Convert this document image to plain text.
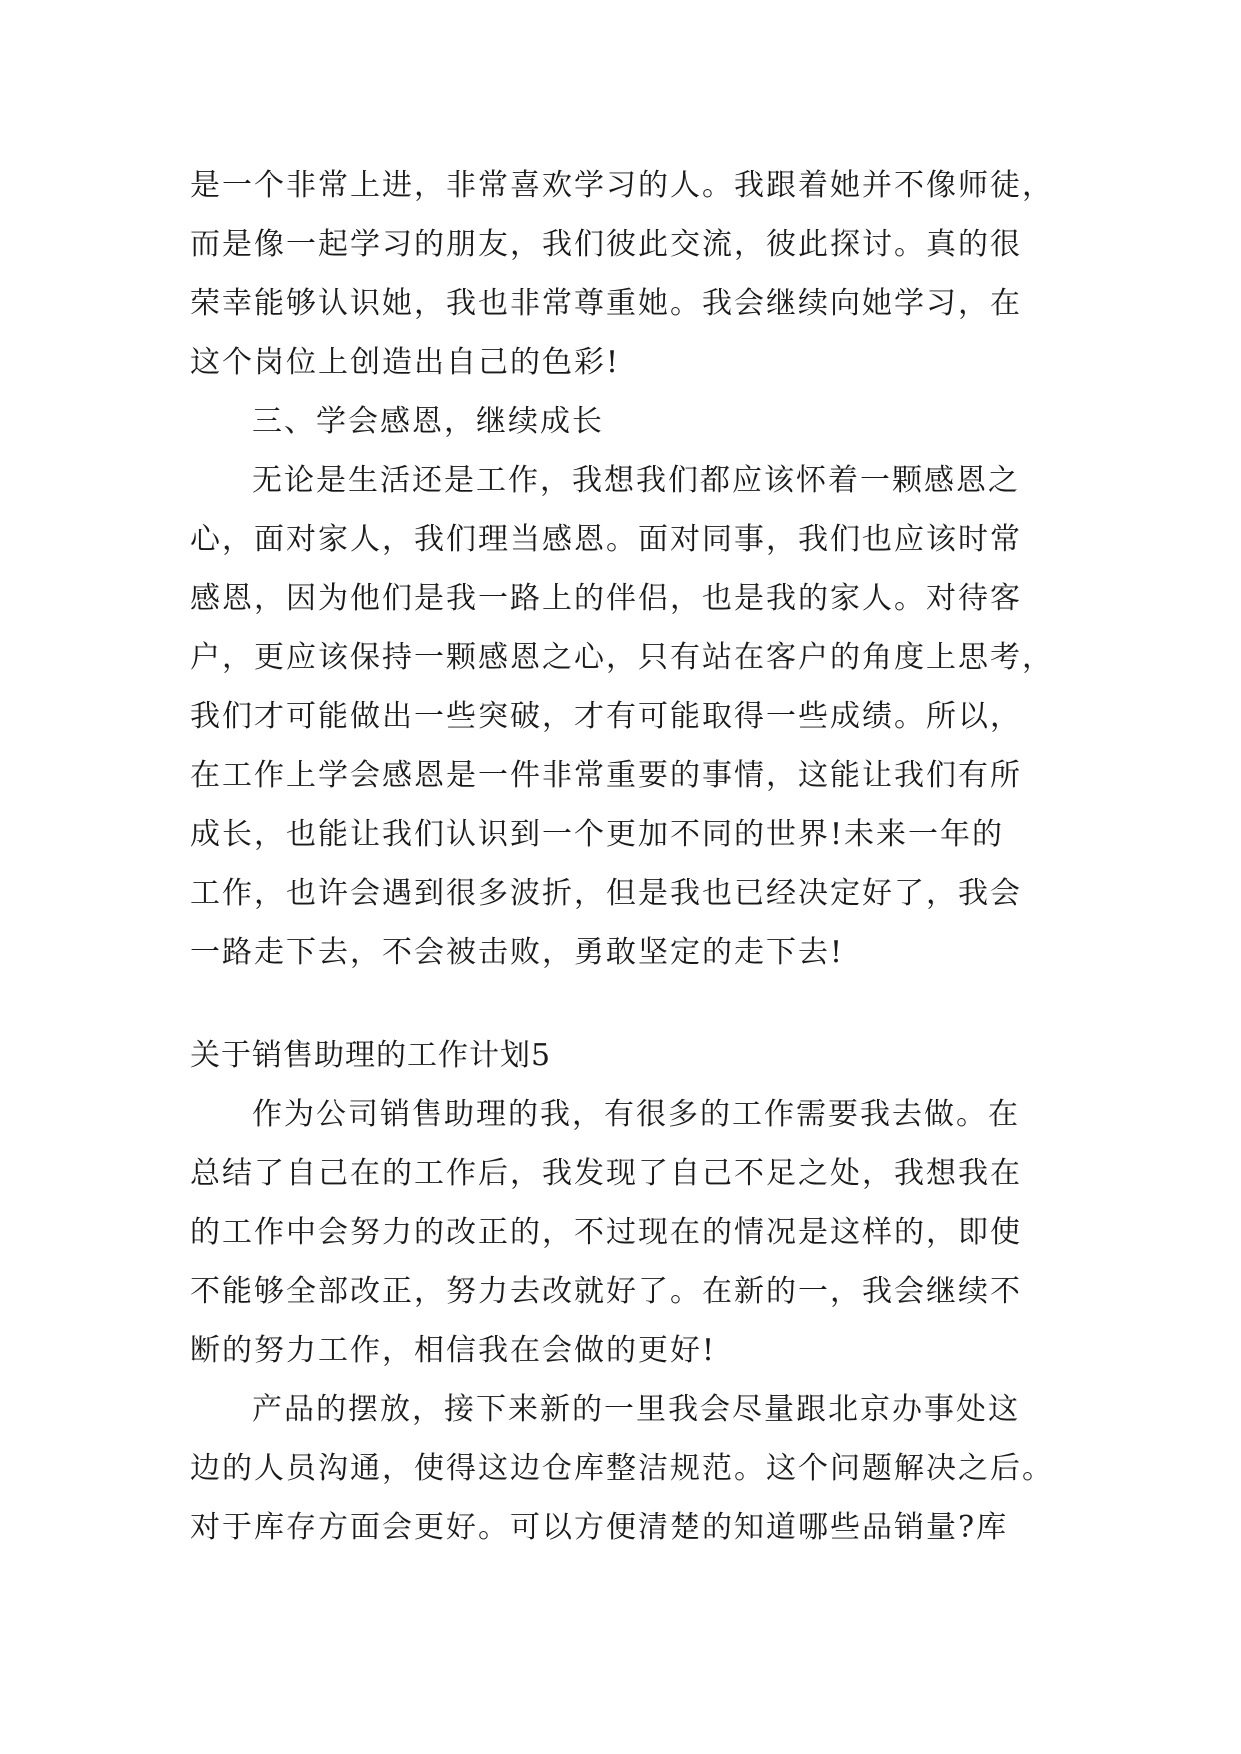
是一个非常上进，非常喜欢学习的人。我跟着她并不像师徒，
而是像一起学习的朋友，我们彼此交流，彼此探讨。真的很
荣幸能够认识她，我也非常尊重她。我会继续向她学习，在
这个岗位上创造出自己的色彩!
三、学会感恩，继续成长
无论是生活还是工作，我想我们都应该怀着一颗感恩之
心，面对家人，我们理当感恩。面对同事，我们也应该时常
感恩，因为他们是我一路上的伴侣，也是我的家人。对待客
户，更应该保持一颗感恩之心，只有站在客户的角度上思考，
我们才可能做出一些突破，才有可能取得一些成绩。所以，
在工作上学会感恩是一件非常重要的事情，这能让我们有所
成长，也能让我们认识到一个更加不同的世界!未来一年的
工作，也许会遇到很多波折，但是我也已经决定好了，我会
一路走下去，不会被击败，勇敢坚定的走下去!
关于销售助理的工作计划5
作为公司销售助理的我，有很多的工作需要我去做。在
总结了自己在的工作后，我发现了自己不足之处，我想我在
的工作中会努力的改正的，不过现在的情况是这样的，即使
不能够全部改正，努力去改就好了。在新的一，我会继续不
断的努力工作，相信我在会做的更好!
产品的摆放，接下来新的一里我会尽量跟北京办事处这
边的人员沟通，使得这边仓库整洁规范。这个问题解决之后。
对于库存方面会更好。可以方便清楚的知道哪些品销量?库
